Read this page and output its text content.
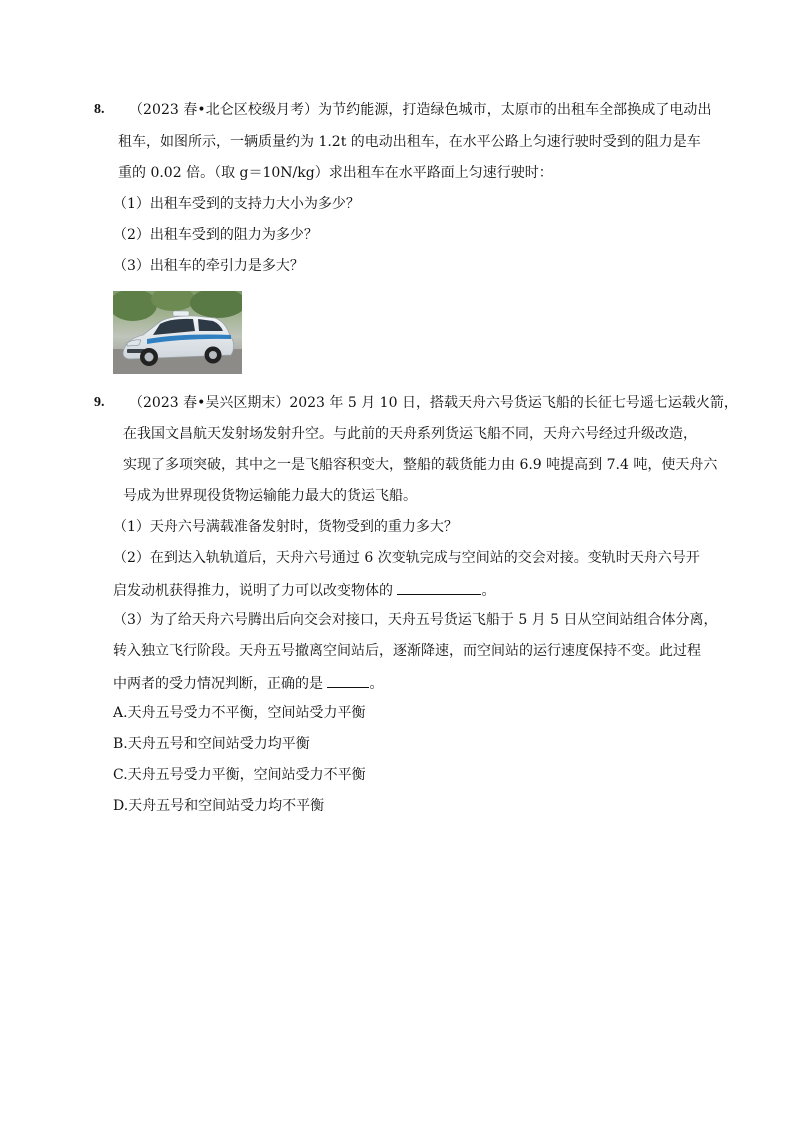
8. （2023 春•北仑区校级月考）为节约能源，打造绿色城市，太原市的出租车全部换成了电动出
租车，如图所示，一辆质量约为 1.2t 的电动出租车，在水平公路上匀速行驶时受到的阻力是车
重的 0.02 倍。（取 g＝10N/kg）求出租车在水平路面上匀速行驶时：
（1）出租车受到的支持力大小为多少？
（2）出租车受到的阻力为多少？
（3）出租车的牵引力是多大？
9. （2023 春•吴兴区期末）2023 年 5 月 10 日，搭载天舟六号货运飞船的长征七号遥七运载火箭，
在我国文昌航天发射场发射升空。与此前的天舟系列货运飞船不同，天舟六号经过升级改造，
实现了多项突破，其中之一是飞船容积变大，整船的载货能力由 6.9 吨提高到 7.4 吨，使天舟六
号成为世界现役货物运输能力最大的货运飞船。
（1）天舟六号满载准备发射时，货物受到的重力多大？
（2）在到达入轨轨道后，天舟六号通过 6 次变轨完成与空间站的交会对接。变轨时天舟六号开
启发动机获得推力，说明了力可以改变物体的	。
（3）为了给天舟六号腾出后向交会对接口，天舟五号货运飞船于 5 月 5 日从空间站组合体分离，
转入独立飞行阶段。天舟五号撤离空间站后，逐渐降速，而空间站的运行速度保持不变。此过程
中两者的受力情况判断，正确的是	。
A.天舟五号受力不平衡，空间站受力平衡
B.天舟五号和空间站受力均平衡
C.天舟五号受力平衡，空间站受力不平衡
D.天舟五号和空间站受力均不平衡
